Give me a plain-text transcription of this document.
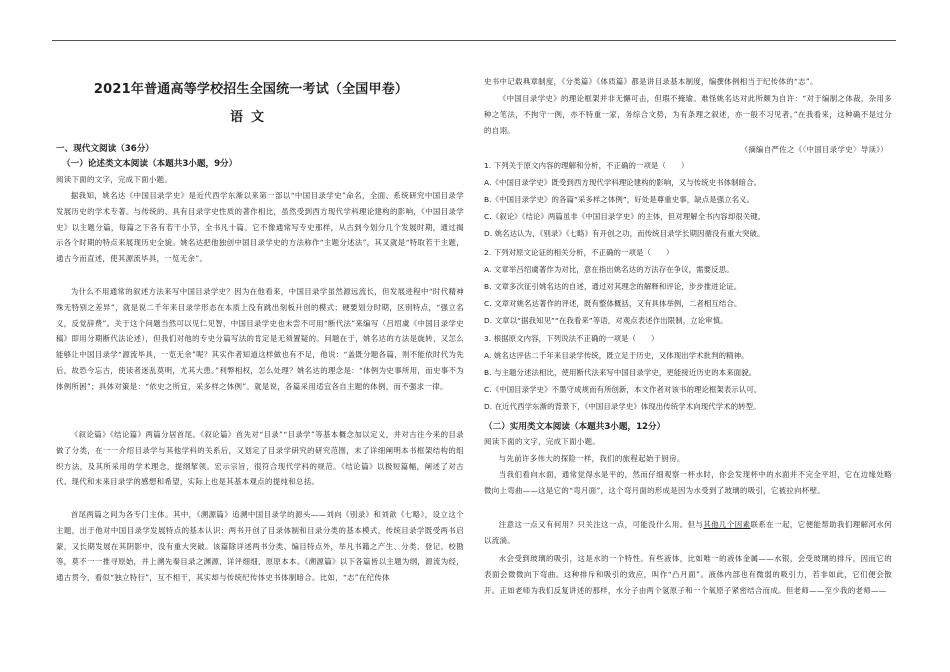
2021年普通高等学校招生全国统一考试（全国甲卷）
语文
一、现代文阅读（36分）
（一）论述类文本阅读（本题共3小题，9分）
阅读下面的文字，完成下面小题。
据我知，姚名达《中国目录学史》是近代西学东渐以来第一部以“中国目录学史”命名，全面、系统研究中国目录学发展历史的学术专著。与传统的、具有目录学史性质的著作相比，虽然受到西方现代学科理论建构的影响，《中国目录学史》以主题分篇，每篇之下各有若干小节，全书凡十篇。它不像通常写专史那样，从古到今划分几个发展时期，通过揭示各个时期的特点来展现历史全貌。姚名达把他独创中国目录学史的方法称作“主题分述法”，其叉就是“特取若干主题，通古今而直述，使其源流毕具，一览无余”。
为什么不用通常的叙述方法来写中国目录学史？因为在他看来，中国目录学虽然源远流长，但发展进程中“时代精神殊无特别之差异”，就是说二千年来目录学形态在本质上没有跳出刻板升创的模式；硬要划分时期，区别特点，“强立名义，反觉辞费”。关于这个问题当然可以见仁见智，中国目录学史也未尝不可用“断代法”来编写（吕绍虞《中国目录学史稿》即用分期断代法论述），但我们对他的专史分篇写法的肯定是无须置疑的。问题在于，姚名达的方法是旋转，又怎么能够让中国目录学“源流毕具，一览无余”呢？其实作者知道这样做也有不足，他说：“盖既分题各篇，则不能依时代为先后，故恐今忘古，使读者迷乱莫明，尤其大患。”利弊相权，怎么处理？姚名达的理念是：“体例为史事所用，而史事不为体例所困”；具体对策是：“依史之所宜，采多样之体例”。就是说，各篇采用适宜各自主题的体例，而不强求一律。
《叙论篇》《结论篇》两篇分居首尾。《叙论篇》首先对“目录”“目录学”等基本概念加以定义，并对古往今来的目录做了分类，在一一介绍目录学与其他学科的关系后，又划定了目录学研究的研究范围，末了详细阐明本书框架结构的组织方法，及其所采用的学术理念，提纲挈领。宏示宗旨，很符合现代学科的规范。《结论篇》以极短篇幅，阐述了对古代、现代和未来目录学的感想和希望，实际上也是其基本观点的提纯和总括。
首尾两篇之间为各专门主体。其中，《溯源篇》追溯中国目录学的源头——刘向《别录》和刘歆《七略》，设立这个主题，出于他对中国目录学发展特点的基本认识：两书开创了目录体制和目录分类的基本模式，传统目录学既受两书启蒙，又长期发展在其阴影中，没有重大突破。该篇除详述两书分类、编目特点外，举凡书籍之产生、分类、登记、校勘等，莫不一一推寻原始，并上溯先秦目录之渊源，详评细细，原原本本。《溯源篇》以下各篇皆以主题为纲，源流为经，通古贯今，看似“独立特行”，互不相干，其实却与传统纪传体史书体制暗合。比如，“志”在纪传体
史书中记载典章制度，《分类篇》《体质篇》都是讲目录基本制度，编撰体例相当于纪传体的“志”。
《中国目录学史》的理论框架并非无懈可击，但瑕不掩瑜。难怪姚名达对此所颇为自许：“对于编制之体裁，杂用多种之笔法，不拘守一例，亦不特重一家，务综合文势，为有条理之叙述，亦一般不习见者。”在我看来，这种确不是过分的自诩。
（摘编自严佐之《〈中国目录学史〉导读》）
1. 下列关于原文内容的理解和分析，不正确的一项是（　　）
A.《中国目录学史》既受到西方现代学科理论建构的影响，又与传统史书体制暗合。
B.《中国目录学史》的各篇“采多样之体例”，好处是尊重史事，缺点是强立名义。
C.《叙论》《结论》两篇虽非《中国目录学史》的主体，但对理解全书内容却很关键。
D. 姚名达认为，《别录》《七略》有开创之功，而传统目录学长期因循没有重大突破。
2. 下列对原文论证的相关分析，不正确的一项是（　　）
A. 文章举吕绍虞著作为对比，意在指出姚名达的方法存在争议，需要反思。
B. 文章多次征引姚名达的自述，通过对其理念的解释和评论，步步推进论证。
C. 文章对姚名达著作的评述，既有整体概括，又有具体举例，二者相互结合。
D. 文章以“据我知见”“在我看来”等语，对观点表述作出限制，立论审慎。
3. 根据原文内容，下列说法不正确的一项是（　　）
A. 姚名达评估二千年来目录学传统，既立足于历史，又体现出学术批判的精神。
B. 与主题分述法相比，使用断代法来写中国目录学史，更能接近历史的本来面貌。
C.《中国目录学史》不墨守成规而有所创新，本文作者对该书的理论框架表示认可。
D. 在近代西学东渐的背景下，《中国目录学史》体现出传统学术向现代学术的转型。
（二）实用类文本阅读（本题共3小题，12分）
阅读下面的文字，完成下面小题。
与先前许多伟大的探险一样，我们的旅程起始于厨房。
当我们看向水面，通常觉得水是平的，然而仔细观察一杯水时，你会发现杯中的水面并不完全平坦，它在边缘处略微向上弯曲——这是它的“弯月面”，这个弯月面的形成是因为水受到了玻璃的吸引，它被拉向杯壁。
注意这一点又有何用？只关注这一点，可能没什么用。但与其他几个因素联系在一起，它便能帮助我们理解河水何以流淌。
水会受到玻璃的吸引，这是水的一个特性。有些液体，比如唯一的液体金属——水银，会受玻璃的排斥，因而它的表面会微微向下弯曲。这种排斥和吸引的效应，叫作“凸月面”。液体内部也有微弱的吸引力，若非如此，它们便会散开。正如老师为我们反复讲述的那样，水分子由两个氢原子和一个氧原子紧密结合而成。但老师——至少我的老师——
